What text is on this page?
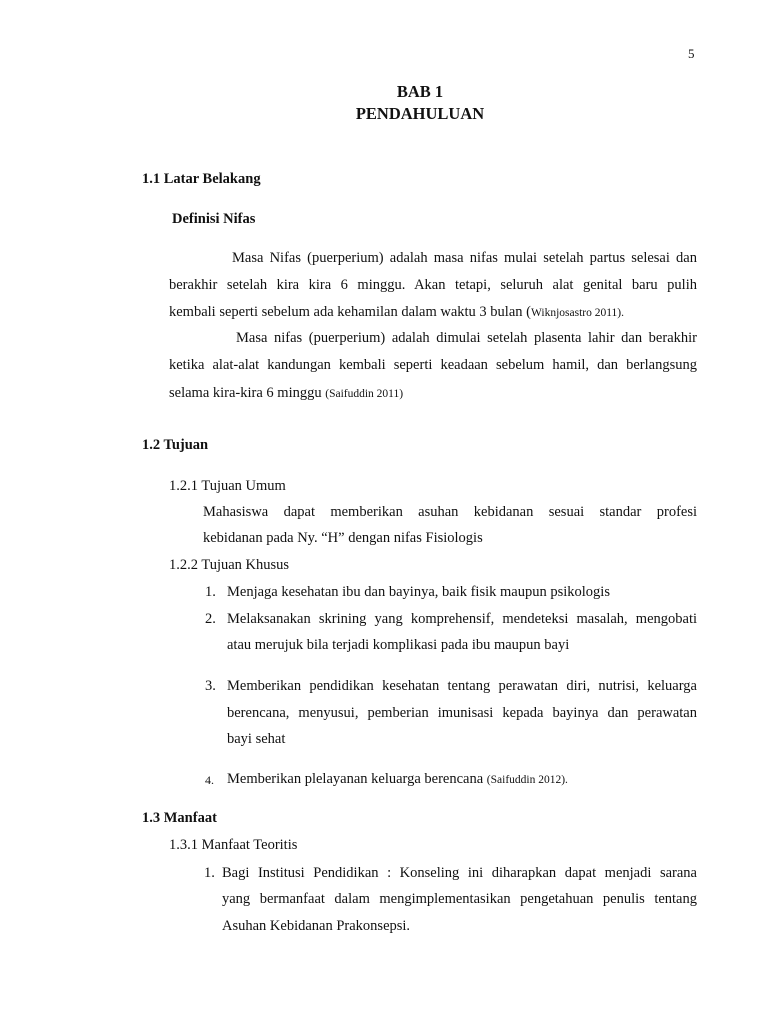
5
BAB 1
PENDAHULUAN
1.1 Latar Belakang
Definisi Nifas
Masa Nifas (puerperium) adalah masa nifas mulai setelah partus selesai dan
berakhir setelah kira kira 6 minggu. Akan tetapi, seluruh alat genital baru pulih
kembali seperti sebelum ada kehamilan dalam waktu 3 bulan (Wiknjosastro 2011).
Masa nifas (puerperium) adalah dimulai setelah plasenta lahir dan berakhir
ketika alat-alat kandungan kembali seperti keadaan sebelum hamil, dan berlangsung
selama kira-kira 6 minggu (Saifuddin 2011)
1.2 Tujuan
1.2.1 Tujuan Umum
Mahasiswa dapat memberikan asuhan kebidanan sesuai standar profesi
kebidanan pada Ny. “H” dengan nifas Fisiologis
1.2.2 Tujuan Khusus
1. Menjaga kesehatan ibu dan bayinya, baik fisik maupun psikologis
2. Melaksanakan skrining yang komprehensif, mendeteksi masalah, mengobati
atau merujuk bila terjadi komplikasi pada ibu maupun bayi
3. Memberikan pendidikan kesehatan tentang perawatan diri, nutrisi, keluarga
berencana, menyusui, pemberian imunisasi kepada bayinya dan perawatan
bayi sehat
4. Memberikan plelayanan keluarga berencana (Saifuddin 2012).
1.3 Manfaat
1.3.1 Manfaat Teoritis
1. Bagi Institusi Pendidikan : Konseling ini diharapkan dapat menjadi sarana
yang bermanfaat dalam mengimplementasikan pengetahuan penulis tentang
Asuhan Kebidanan Prakonsepsi.
